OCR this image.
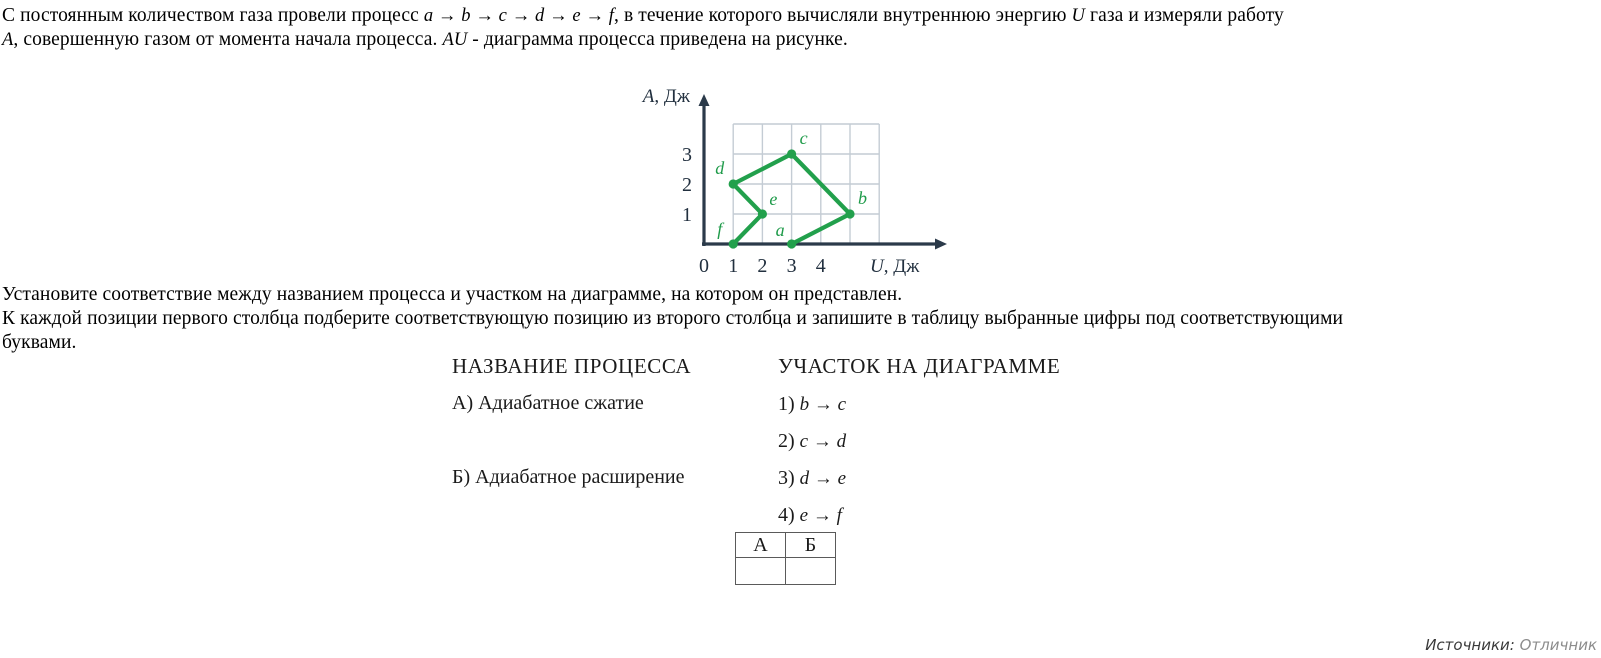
С постоянным количеством газа провели процесс a → b → c → d → e → f, в течение которого вычисляли внутреннюю энергию U газа и измеряли работу
A, совершенную газом от момента начала процесса. AU - диаграмма процесса приведена на рисунке.
A, Дж
U, Дж
0 1 2 3 4
1
2
3
a
b
c
d
e
f
Установите соответствие между названием процесса и участком на диаграмме, на котором он представлен.
К каждой позиции первого столбца подберите соответствующую позицию из второго столбца и запишите в таблицу выбранные цифры под соответствующими буквами.
НАЗВАНИЕ ПРОЦЕССА	УЧАСТОК НА ДИАГРАММЕ
А) Адиабатное сжатие
Б) Адиабатное расширение
1) b → c
2) c → d
3) d → e
4) e → f
А	Б

Источники: Отличник
